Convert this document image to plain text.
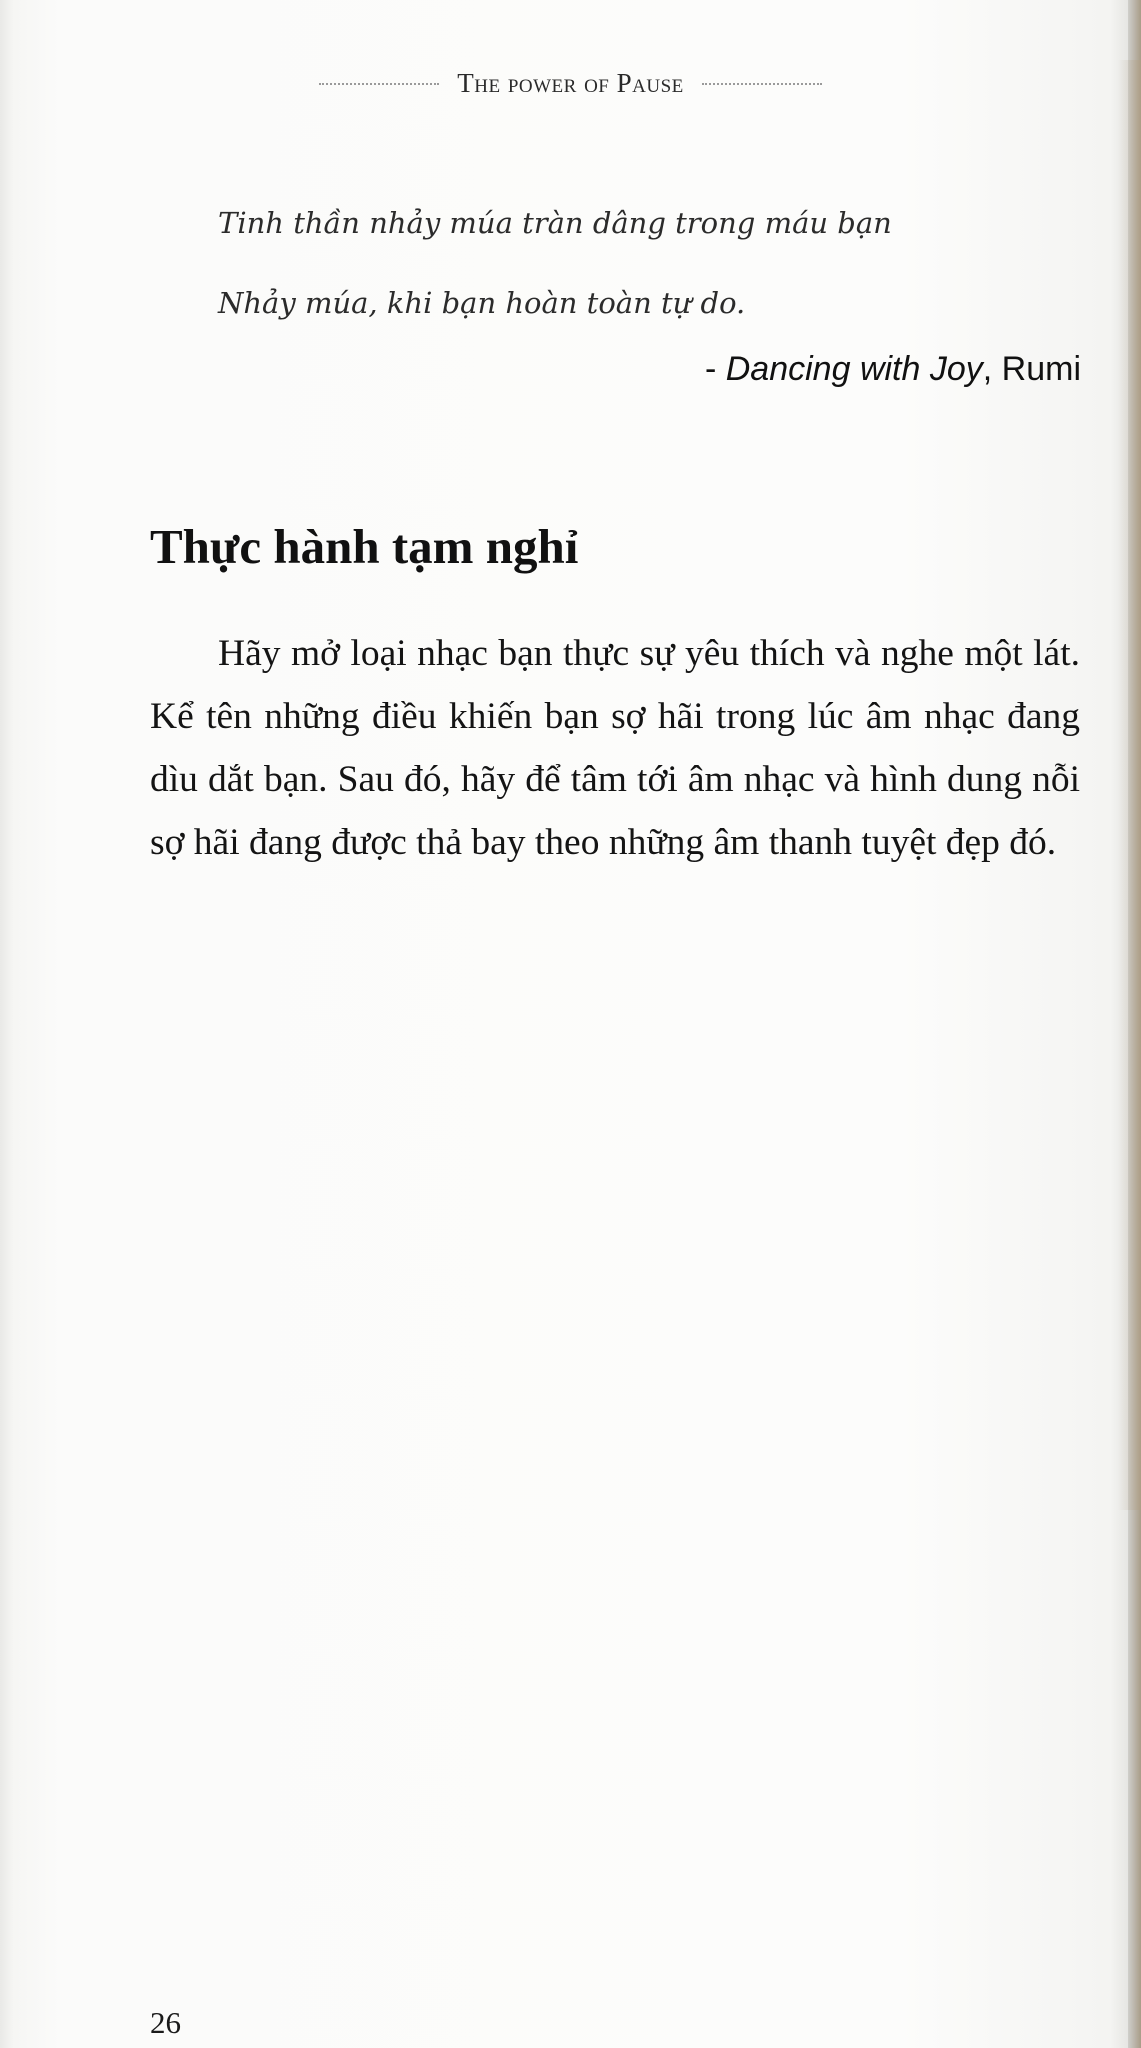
The power of Pause
Tinh thần nhảy múa tràn dâng trong máu bạn
Nhảy múa, khi bạn hoàn toàn tự do.
- Dancing with Joy, Rumi
Thực hành tạm nghỉ

Hãy mở loại nhạc bạn thực sự yêu thích và nghe một lát. Kể tên những điều khiến bạn sợ hãi trong lúc âm nhạc đang dìu dắt bạn. Sau đó, hãy để tâm tới âm nhạc và hình dung nỗi sợ hãi đang được thả bay theo những âm thanh tuyệt đẹp đó.

26
